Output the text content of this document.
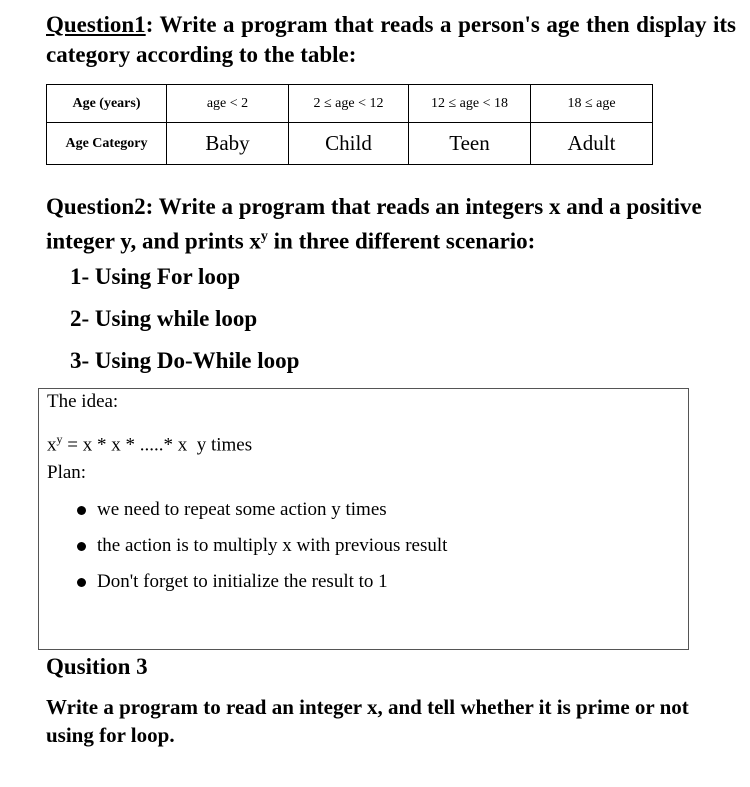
Question1: Write a program that reads a person's age then display its category according to the table:
Age (years)	age < 2	2 ≤ age < 12	12 ≤ age < 18	18 ≤ age
Age Category	Baby	Child	Teen	Adult
Question2: Write a program that reads an integers x and a positive integer y, and prints $x^y$ in three different scenario:
1- Using For loop
2- Using while loop
3- Using Do-While loop
The idea:
$x^y = x * x$ * .....* x  y times
Plan:
we need to repeat some action y times
the action is to multiply x with previous result
Don't forget to initialize the result to 1
Qusition 3
Write a program to read an integer x, and tell whether it is prime or not using for loop.
